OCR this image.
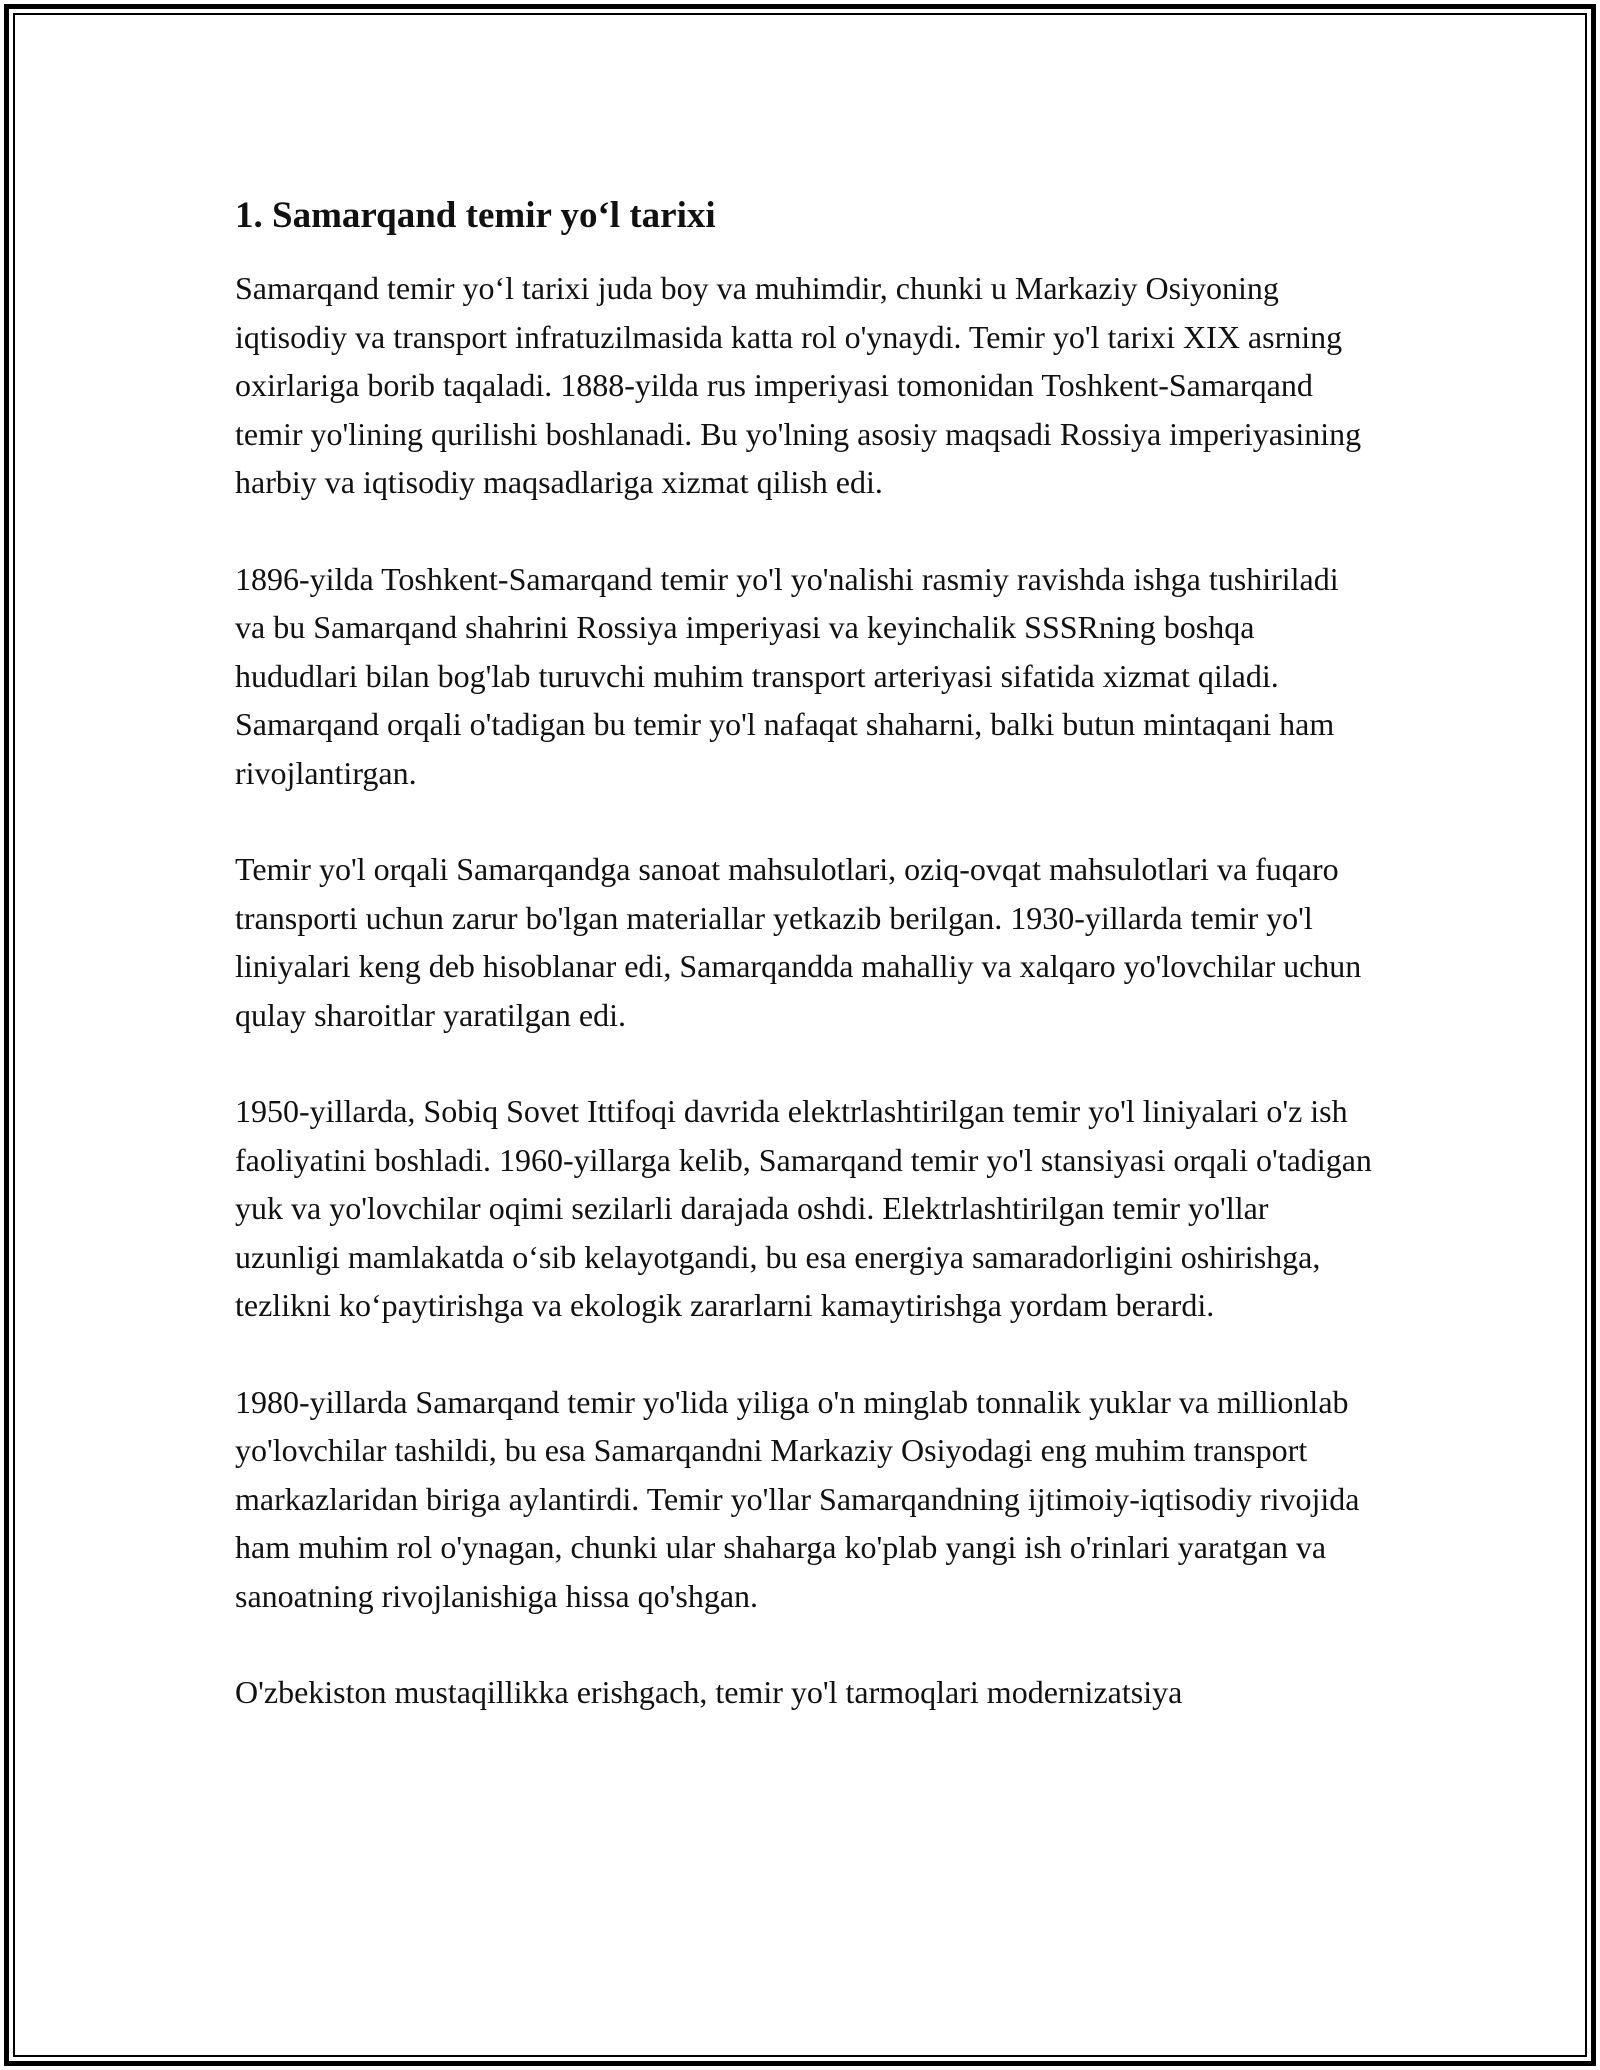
1. Samarqand temir yo‘l tarixi

Samarqand temir yo‘l tarixi juda boy va muhimdir, chunki u Markaziy Osiyoning iqtisodiy va transport infratuzilmasida katta rol o'ynaydi. Temir yo'l tarixi XIX asrning oxirlariga borib taqaladi. 1888-yilda rus imperiyasi tomonidan Toshkent-Samarqand temir yo'lining qurilishi boshlanadi. Bu yo'lning asosiy maqsadi Rossiya imperiyasining harbiy va iqtisodiy maqsadlariga xizmat qilish edi.

1896-yilda Toshkent-Samarqand temir yo'l yo'nalishi rasmiy ravishda ishga tushiriladi va bu Samarqand shahrini Rossiya imperiyasi va keyinchalik SSSRning boshqa hududlari bilan bog'lab turuvchi muhim transport arteriyasi sifatida xizmat qiladi. Samarqand orqali o'tadigan bu temir yo'l nafaqat shaharni, balki butun mintaqani ham rivojlantirgan.

Temir yo'l orqali Samarqandga sanoat mahsulotlari, oziq-ovqat mahsulotlari va fuqaro transporti uchun zarur bo'lgan materiallar yetkazib berilgan. 1930-yillarda temir yo'l liniyalari keng deb hisoblanar edi, Samarqandda mahalliy va xalqaro yo'lovchilar uchun qulay sharoitlar yaratilgan edi.

1950-yillarda, Sobiq Sovet Ittifoqi davrida elektrlashtirilgan temir yo'l liniyalari o'z ish faoliyatini boshladi. 1960-yillarga kelib, Samarqand temir yo'l stansiyasi orqali o'tadigan yuk va yo'lovchilar oqimi sezilarli darajada oshdi. Elektrlashtirilgan temir yo'llar uzunligi mamlakatda o‘sib kelayotgandi, bu esa energiya samaradorligini oshirishga, tezlikni ko‘paytirishga va ekologik zararlarni kamaytirishga yordam berardi.

1980-yillarda Samarqand temir yo'lida yiliga o'n minglab tonnalik yuklar va millionlab yo'lovchilar tashildi, bu esa Samarqandni Markaziy Osiyodagi eng muhim transport markazlaridan biriga aylantirdi. Temir yo'llar Samarqandning ijtimoiy-iqtisodiy rivojida ham muhim rol o'ynagan, chunki ular shaharga ko'plab yangi ish o'rinlari yaratgan va sanoatning rivojlanishiga hissa qo'shgan.

O'zbekiston mustaqillikka erishgach, temir yo'l tarmoqlari modernizatsiya
